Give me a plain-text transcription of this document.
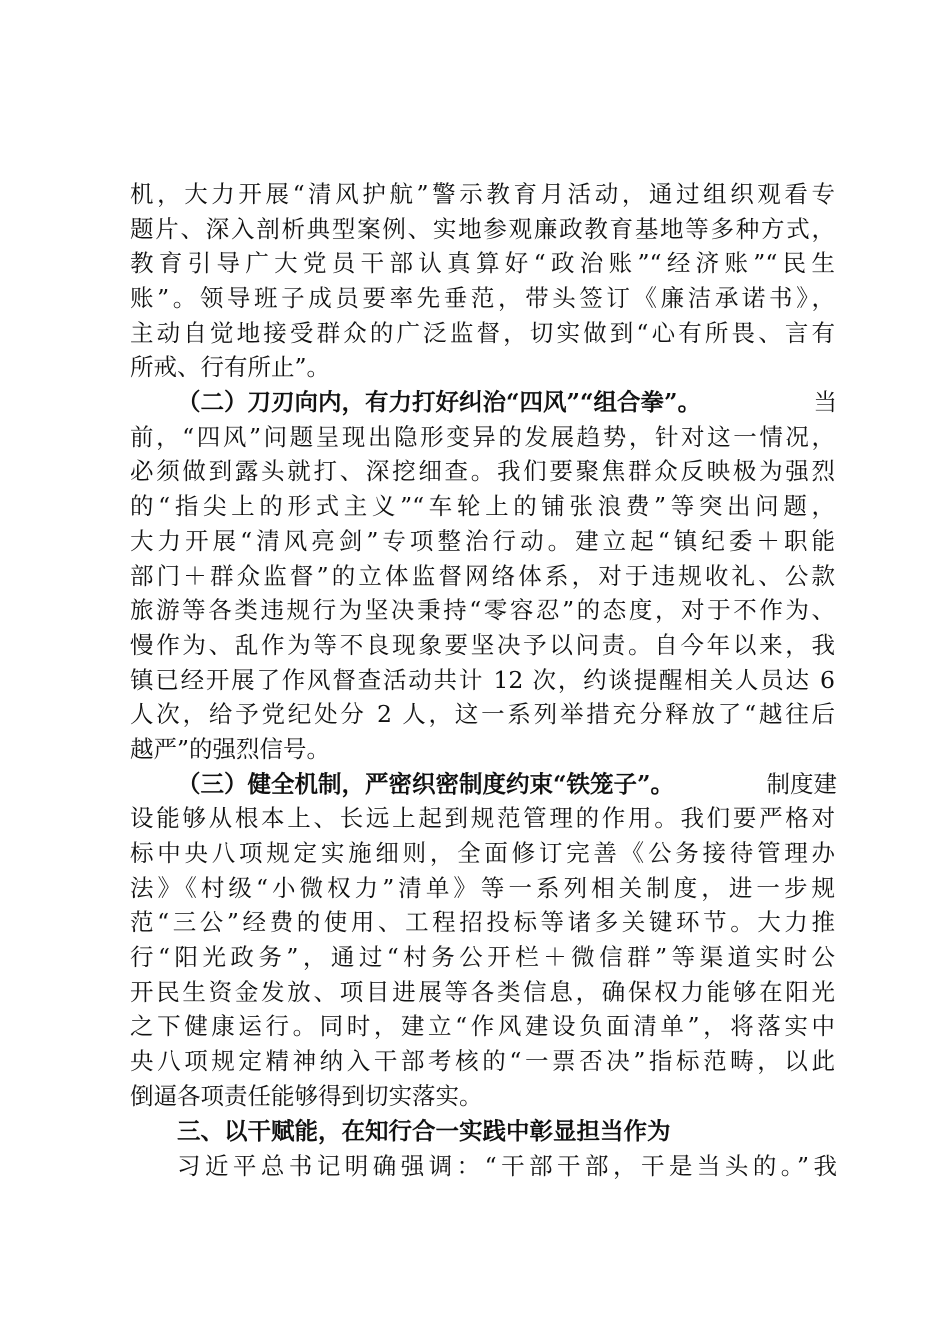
机，大力开展“清风护航”警示教育月活动，通过组织观看专
题片、深入剖析典型案例、实地参观廉政教育基地等多种方式，
教育引导广大党员干部认真算好“政治账”“经济账”“民生
账”。领导班子成员要率先垂范，带头签订《廉洁承诺书》，
主动自觉地接受群众的广泛监督，切实做到“心有所畏、言有
所戒、行有所止”。
（二）刀刃向内，有力打好纠治“四风”“组合拳”。	当
前，“四风”问题呈现出隐形变异的发展趋势，针对这一情况，
必须做到露头就打、深挖细查。我们要聚焦群众反映极为强烈
的“指尖上的形式主义”“车轮上的铺张浪费”等突出问题，
大力开展“清风亮剑”专项整治行动。建立起“镇纪委＋职能
部门＋群众监督”的立体监督网络体系，对于违规收礼、公款
旅游等各类违规行为坚决秉持“零容忍”的态度，对于不作为、
慢作为、乱作为等不良现象要坚决予以问责。自今年以来，我
镇已经开展了作风督查活动共计 12 次，约谈提醒相关人员达 6
人次，给予党纪处分 2 人，这一系列举措充分释放了“越往后
越严”的强烈信号。
（三）健全机制，严密织密制度约束“铁笼子”。	制度建
设能够从根本上、长远上起到规范管理的作用。我们要严格对
标中央八项规定实施细则，全面修订完善《公务接待管理办
法》《村级“小微权力”清单》等一系列相关制度，进一步规
范“三公”经费的使用、工程招投标等诸多关键环节。大力推
行“阳光政务”，通过“村务公开栏＋微信群”等渠道实时公
开民生资金发放、项目进展等各类信息，确保权力能够在阳光
之下健康运行。同时，建立“作风建设负面清单”，将落实中
央八项规定精神纳入干部考核的“一票否决”指标范畴，以此
倒逼各项责任能够得到切实落实。
三、以干赋能，在知行合一实践中彰显担当作为
习近平总书记明确强调：“干部干部，干是当头的。”我
